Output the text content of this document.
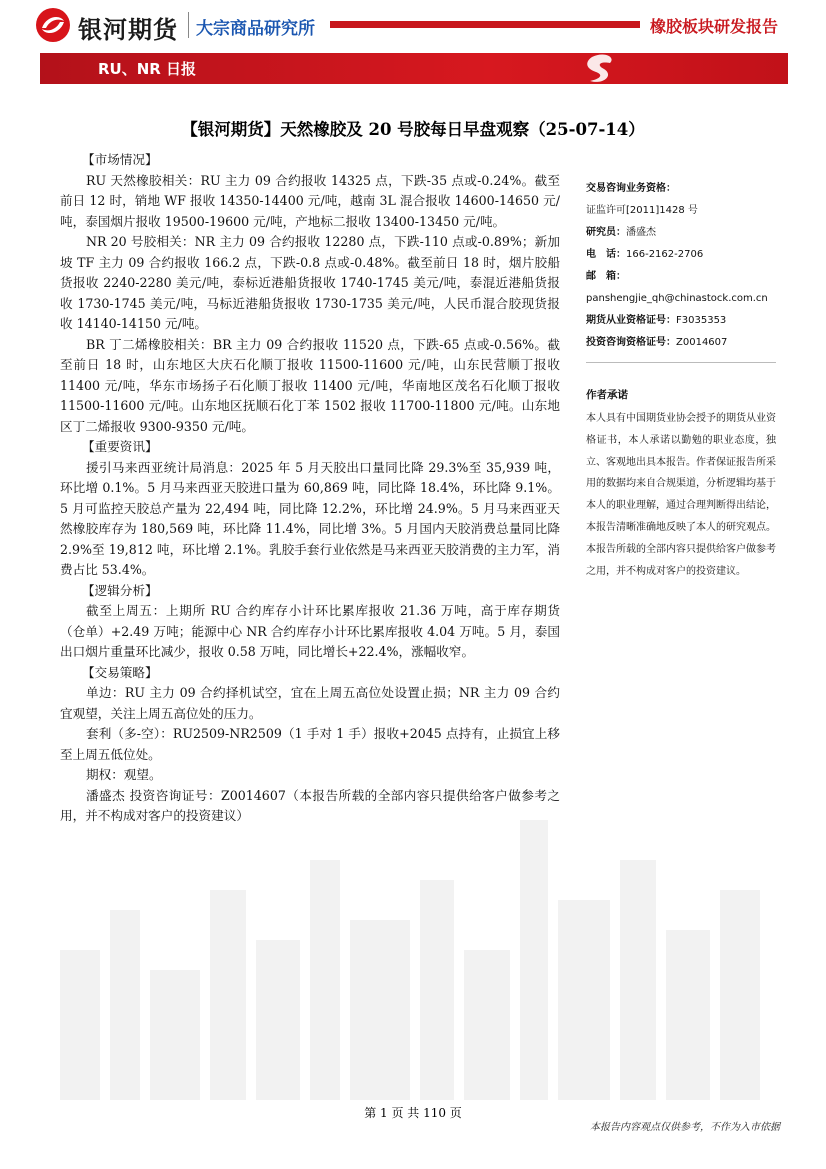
银河期货 大宗商品研究所	橡胶板块研发报告
RU、NR 日报
【银河期货】天然橡胶及 20 号胶每日早盘观察（25-07-14）

【市场情况】

RU 天然橡胶相关：RU 主力 09 合约报收 14325 点，下跌-35 点或-0.24%。截至前日 12 时，销地 WF 报收 14350-14400 元/吨，越南 3L 混合报收 14600-14650 元/吨，泰国烟片报收 19500-19600 元/吨，产地标二报收 13400-13450 元/吨。

NR 20 号胶相关：NR 主力 09 合约报收 12280 点，下跌-110 点或-0.89%；新加坡 TF 主力 09 合约报收 166.2 点，下跌-0.8 点或-0.48%。截至前日 18 时，烟片胶船货报收 2240-2280 美元/吨，泰标近港船货报收 1740-1745 美元/吨，泰混近港船货报收 1730-1745 美元/吨，马标近港船货报收 1730-1735 美元/吨，人民币混合胶现货报收 14140-14150 元/吨。

BR 丁二烯橡胶相关：BR 主力 09 合约报收 11520 点，下跌-65 点或-0.56%。截至前日 18 时，山东地区大庆石化顺丁报收 11500-11600 元/吨，山东民营顺丁报收 11400 元/吨，华东市场扬子石化顺丁报收 11400 元/吨，华南地区茂名石化顺丁报收 11500-11600 元/吨。山东地区抚顺石化丁苯 1502 报收 11700-11800 元/吨。山东地区丁二烯报收 9300-9350 元/吨。

【重要资讯】

援引马来西亚统计局消息：2025 年 5 月天胶出口量同比降 29.3%至 35,939 吨，环比增 0.1%。5 月马来西亚天胶进口量为 60,869 吨，同比降 18.4%，环比降 9.1%。5 月可监控天胶总产量为 22,494 吨，同比降 12.2%，环比增 24.9%。5 月马来西亚天然橡胶库存为 180,569 吨，环比降 11.4%，同比增 3%。5 月国内天胶消费总量同比降 2.9%至 19,812 吨，环比增 2.1%。乳胶手套行业依然是马来西亚天胶消费的主力军，消费占比 53.4%。

【逻辑分析】

截至上周五：上期所 RU 合约库存小计环比累库报收 21.36 万吨，高于库存期货（仓单）+2.49 万吨；能源中心 NR 合约库存小计环比累库报收 4.04 万吨。5 月，泰国出口烟片重量环比减少，报收 0.58 万吨，同比增长+22.4%，涨幅收窄。

【交易策略】

单边：RU 主力 09 合约择机试空，宜在上周五高位处设置止损；NR 主力 09 合约宜观望，关注上周五高位处的压力。

套利（多-空）：RU2509-NR2509（1 手对 1 手）报收+2045 点持有，止损宜上移至上周五低位处。

期权：观望。

潘盛杰 投资咨询证号：Z0014607（本报告所载的全部内容只提供给客户做参考之用，并不构成对客户的投资建议）

交易咨询业务资格：
证监许可[2011]1428 号
研究员：潘盛杰
电　话：166-2162-2706
邮　箱：
panshengjie_qh@chinastock.com.cn
期货从业资格证号：F3035353
投资咨询资格证号：Z0014607
作者承诺
本人具有中国期货业协会授予的期货从业资格证书，本人承诺以勤勉的职业态度，独立、客观地出具本报告。作者保证报告所采用的数据均来自合规渠道，分析逻辑均基于本人的职业理解，通过合理判断得出结论，本报告清晰准确地反映了本人的研究观点。本报告所载的全部内容只提供给客户做参考之用，并不构成对客户的投资建议。
第 1 页 共 110 页
本报告内容观点仅供参考，不作为入市依据
